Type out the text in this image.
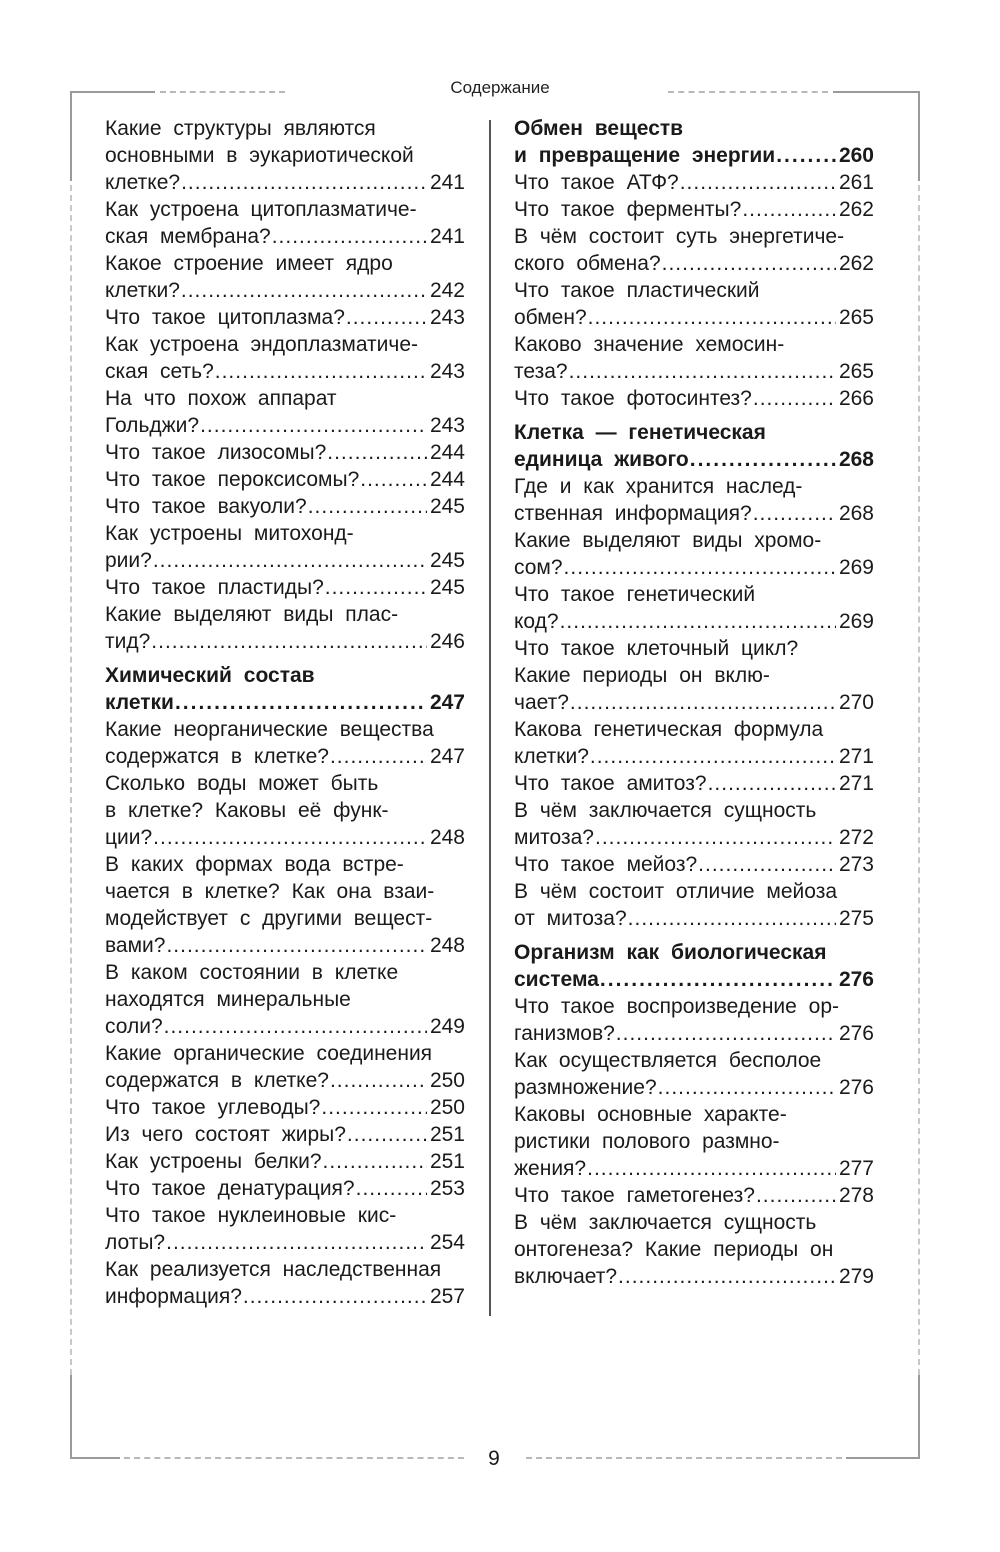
Содержание
Какие структуры являются
основными в эукариотической
клетке? .....	241
Как устроена цитоплазматиче-
ская мембрана? .....	241
Какое строение имеет ядро
клетки? .....	242
Что такое цитоплазма? .....	243
Как устроена эндоплазматиче-
ская сеть? .....	243
На что похож аппарат
Гольджи? .....	243
Что такое лизосомы? .....	244
Что такое пероксисомы? .....	244
Что такое вакуоли? .....	245
Как устроены митохонд-
рии? .....	245
Что такое пластиды? .....	245
Какие выделяют виды плас-
тид? .....	246
Химический состав
клетки .....	247
Какие неорганические вещества
содержатся в клетке? .....	247
Сколько воды может быть
в клетке? Каковы её функ-
ции? .....	248
В каких формах вода встре-
чается в клетке? Как она взаи-
модействует с другими вещест-
вами? .....	248
В каком состоянии в клетке
находятся минеральные
соли? .....	249
Какие органические соединения
содержатся в клетке? .....	250
Что такое углеводы? .....	250
Из чего состоят жиры? .....	251
Как устроены белки? .....	251
Что такое денатурация? .....	253
Что такое нуклеиновые кис-
лоты? .....	254
Как реализуется наследственная
информация? .....	257
Обмен веществ
и превращение энергии .....	260
Что такое АТФ? .....	261
Что такое ферменты? .....	262
В чём состоит суть энергетиче-
ского обмена? .....	262
Что такое пластический
обмен? .....	265
Каково значение хемосин-
теза? .....	265
Что такое фотосинтез? .....	266
Клетка — генетическая
единица живого .....	268
Где и как хранится наслед-
ственная информация? .....	268
Какие выделяют виды хромо-
сом? .....	269
Что такое генетический
код? .....	269
Что такое клеточный цикл?
Какие периоды он вклю-
чает? .....	270
Какова генетическая формула
клетки? .....	271
Что такое амитоз? .....	271
В чём заключается сущность
митоза? .....	272
Что такое мейоз? .....	273
В чём состоит отличие мейоза
от митоза? .....	275
Организм как биологическая
система .....	276
Что такое воспроизведение ор-
ганизмов? .....	276
Как осуществляется бесполое
размножение? .....	276
Каковы основные характе-
ристики полового размно-
жения? .....	277
Что такое гаметогенез? .....	278
В чём заключается сущность
онтогенеза? Какие периоды он
включает? .....	279
9
